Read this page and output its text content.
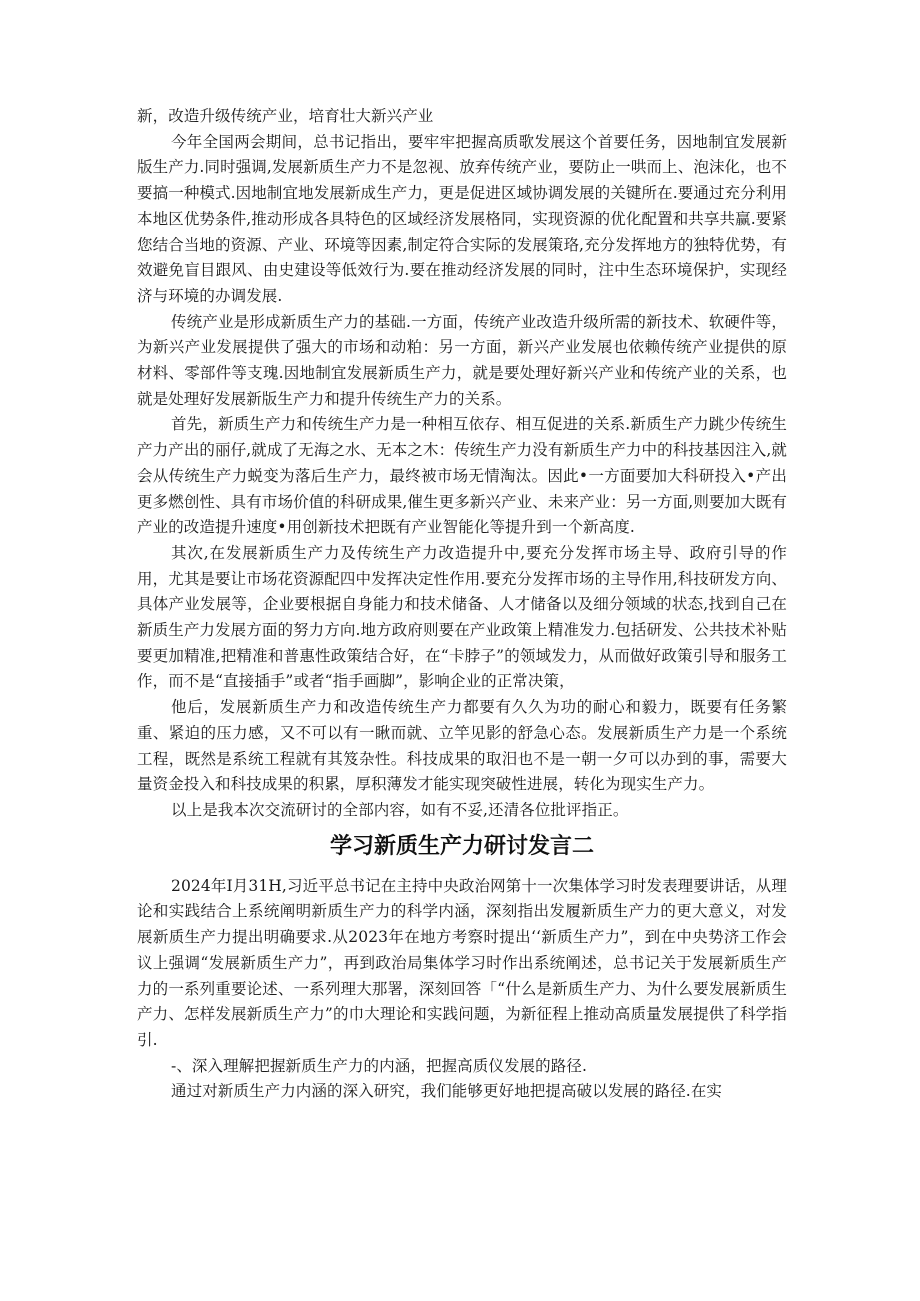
新，改造升级传统产业，培育壮大新兴产业

今年全国两会期间，总书记指出，要牢牢把握高质歌发展这个首要任务，因地制宜发展新版生产力.同时强调,发展新质生产力不是忽视、放弃传统产业，要防止一哄而上、泡沫化，也不要搞一种模式.因地制宜地发展新成生产力，更是促进区域协调发展的关键所在.要通过充分利用本地区优势条件,推动形成各具特色的区域经济发展格同，实现资源的优化配置和共享共赢.要紧您结合当地的资源、产业、环境等因素,制定符合实际的发展策珞,充分发挥地方的独特优势，有效避免盲目跟风、由史建设等低效行为.要在推动经济发展的同时，注中生态环境保护，实现经济与环境的办调发展.

传统产业是形成新质生产力的基础.一方面，传统产业改造升级所需的新技术、软硬件等，为新兴产业发展提供了强大的市场和动粕：另一方面，新兴产业发展也依赖传统产业提供的原材料、零部件等支瑰.因地制宜发展新质生产力，就是要处理好新兴产业和传统产业的关系，也就是处理好发展新版生产力和提升传统生产力的关系。

首先，新质生产力和传统生产力是一种相互依存、相互促进的关系.新质生产力跳少传统生产力产出的丽仔,就成了无海之水、无本之木：传统生产力没有新质生产力中的科技基因注入,就会从传统生产力蜕变为落后生产力，最终被市场无情淘汰。因此•一方面要加大科研投入•产出更多燃创性、具有市场价值的科研成果,催生更多新兴产业、未来产业：另一方面,则要加大既有产业的改造提升速度•用创新技术把既有产业智能化等提升到一个新高度.

其次,在发展新质生产力及传统生产力改造提升中,要充分发挥市场主导、政府引导的作用，尤其是要让市场花资源配四中发挥决定性作用.要充分发挥市场的主导作用,科技研发方向、具体产业发展等，企业要根据自身能力和技术储备、人才储备以及细分领域的状态,找到自己在新质生产力发展方面的努力方向.地方政府则要在产业政策上精准发力.包括研发、公共技术补贴要更加精准,把精准和普惠性政策结合好，在“卡脖子”的领域发力，从而做好政策引导和服务工作，而不是“直接插手”或者“指手画脚”，影响企业的正常决策，

他后，发展新质生产力和改造传统生产力都要有久久为功的耐心和毅力，既要有任务繁重、紧迫的压力感，又不可以有一瞅而就、立竿见影的舒急心态。发展新质生产力是一个系统工程，既然是系统工程就有其笈杂性。科技成果的取汨也不是一朝一夕可以办到的事，需要大量资金投入和科技成果的积累，厚积薄发才能实现突破性进展，转化为现实生产力。

以上是我本次交流研讨的全部内容，如有不妥,还清各位批评指正。

学习新质生产力研讨发言二

2024年I月31H,习近平总书记在主持中央政治网第十一次集体学习时发表理要讲话，从理论和实践结合上系统阐明新质生产力的科学内涵，深刻指出发履新质生产力的更大意义，对发展新质生产力提出明确要求.从2023年在地方考察时提出‘‘新质生产力”，到在中央势济工作会议上强调“发展新质生产力”，再到政治局集体学习时作出系统阐述，总书记关于发展新质生产力的一系列重要论述、一系列理大那署，深刻回答「“什么是新质生产力、为什么要发展新质生产力、怎样发展新质生产力”的巾大理论和实践问题，为新征程上推动高质量发展提供了科学指引.

-、深入理解把握新质生产力的内涵，把握高质仪发展的路径.

通过对新质生产力内涵的深入研究，我们能够更好地把提高破以发展的路径.在实
